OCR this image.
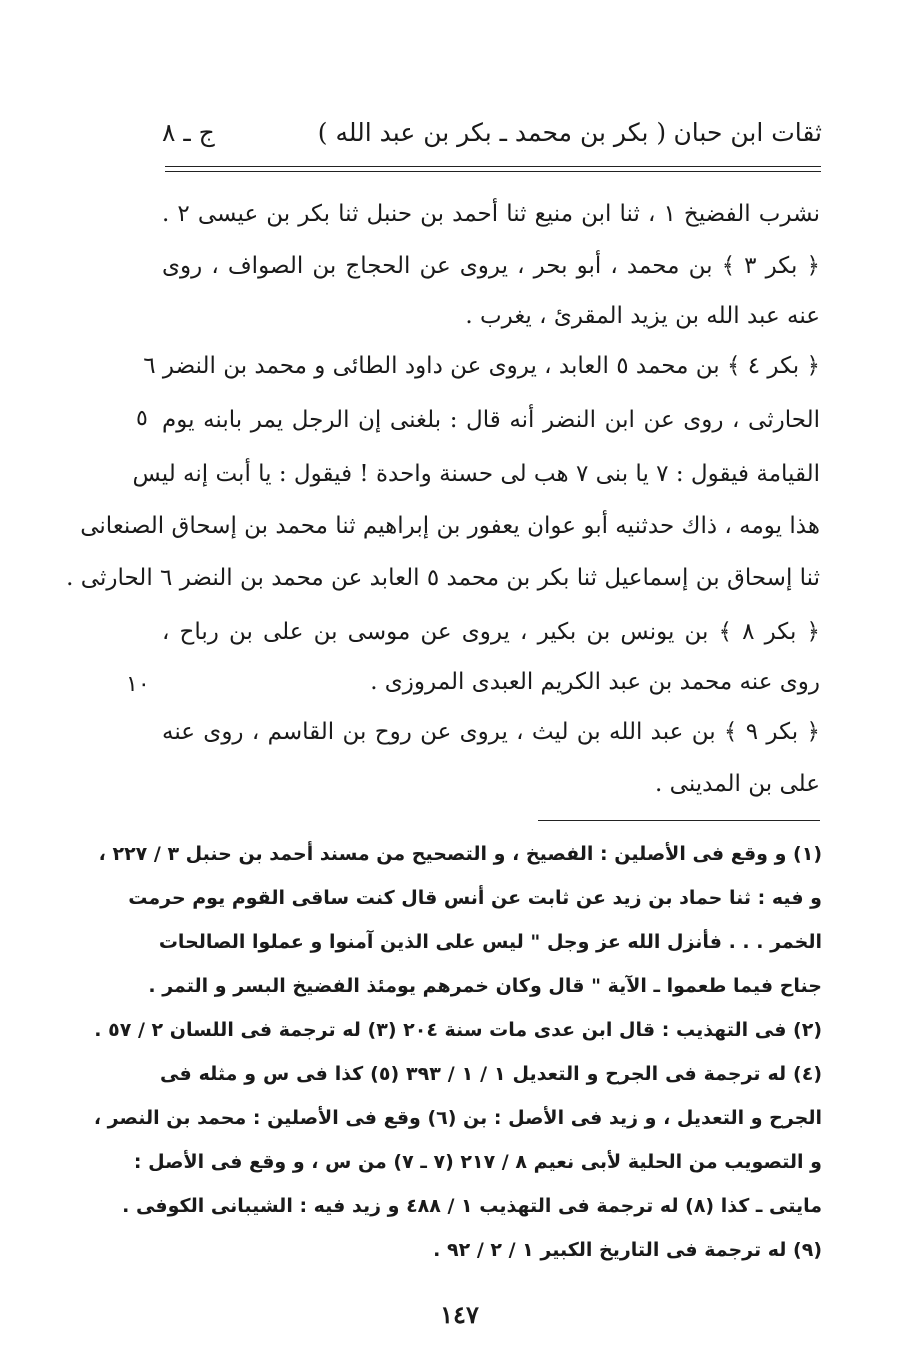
ثقات ابن حبان
( بكر بن محمد ـ بكر بن عبد الله )
ج ـ ٨
نشرب الفضيخ ١ ، ثنا ابن منيع ثنا أحمد بن حنبل ثنا بكر بن عيسى ٢ .
﴿ بكر ٣ ﴾ بن محمد ، أبو بحر ، يروى عن الحجاج بن الصواف ، روى
عنه عبد الله بن يزيد المقرئ ، يغرب .
﴿ بكر ٤ ﴾ بن محمد ٥ العابد ، يروى عن داود الطائى و محمد بن النضر ٦
الحارثى ، روى عن ابن النضر أنه قال : بلغنى إن الرجل يمر بابنه يوم
القيامة فيقول : ٧ يا بنى ٧ هب لى حسنة واحدة ! فيقول : يا أبت إنه ليس
هذا يومه ، ذاك حدثنيه أبو عوان يعفور بن إبراهيم ثنا محمد بن إسحاق الصنعانى
ثنا إسحاق بن إسماعيل ثنا بكر بن محمد ٥ العابد عن محمد بن النضر ٦ الحارثى .
﴿ بكر ٨ ﴾ بن يونس بن بكير ، يروى عن موسى بن على بن رباح ،
روى عنه محمد بن عبد الكريم العبدى المروزى .
﴿ بكر ٩ ﴾ بن عبد الله بن ليث ، يروى عن روح بن القاسم ، روى عنه
على بن المدينى .
٥
١٠
(١) و وقع فى الأصلين : الفصيخ ، و التصحيح من مسند أحمد بن حنبل ٣ / ٢٢٧ ،
و فيه : ثنا حماد بن زيد عن ثابت عن أنس قال كنت ساقى القوم يوم حرمت
الخمر . . . فأنزل الله عز وجل " ليس على الذين آمنوا و عملوا الصالحات
جناح فيما طعموا ـ الآية " قال وكان خمرهم يومئذ الفضيخ البسر و التمر .
(٢) فى التهذيب : قال ابن عدى مات سنة ٢٠٤ (٣) له ترجمة فى اللسان ٢ / ٥٧ .
(٤) له ترجمة فى الجرح و التعديل ١ / ١ / ٣٩٣ (٥) كذا فى س و مثله فى
الجرح و التعديل ، و زيد فى الأصل : بن (٦) وقع فى الأصلين : محمد بن النصر ،
و التصويب من الحلية لأبى نعيم ٨ / ٢١٧ (٧ ـ ٧) من س ، و وقع فى الأصل :
مايتى ـ كذا (٨) له ترجمة فى التهذيب ١ / ٤٨٨ و زيد فيه : الشيبانى الكوفى .
(٩) له ترجمة فى التاريخ الكبير ١ / ٢ / ٩٢ .
١٤٧
